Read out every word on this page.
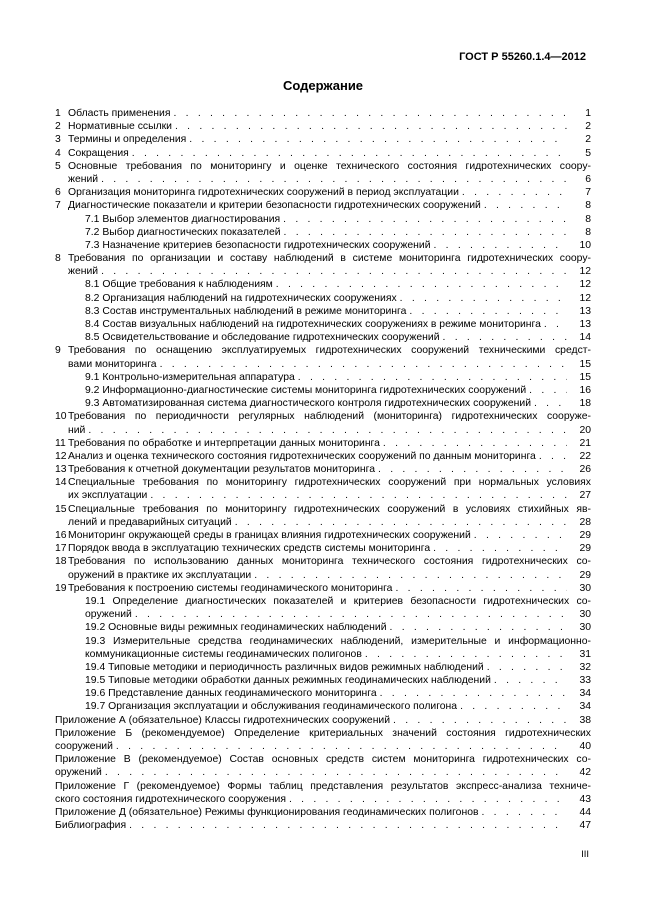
ГОСТ Р 55260.1.4—2012
Содержание
1 Область применения . . .	1
2 Нормативные ссылки . . .	2
3 Термины и определения . . .	2
4 Сокращения . . .	5
5 Основные требования по мониторингу и оценке технического состояния гидротехнических соору-
жений . . .	6
6 Организация мониторинга гидротехнических сооружений в период эксплуатации . . .	7
7 Диагностические показатели и критерии безопасности гидротехнических сооружений . . .	8
7.1 Выбор элементов диагностирования . . .	8
7.2 Выбор диагностических показателей . . .	8
7.3 Назначение критериев безопасности гидротехнических сооружений . . .	10
8 Требования по организации и составу наблюдений в системе мониторинга гидротехнических соору-
жений . . .	12
8.1 Общие требования к наблюдениям . . .	12
8.2 Организация наблюдений на гидротехнических сооружениях . . .	12
8.3 Состав инструментальных наблюдений в режиме мониторинга . . .	13
8.4 Состав визуальных наблюдений на гидротехнических сооружениях в режиме мониторинга . . .	13
8.5 Освидетельствование и обследование гидротехнических сооружений . . .	14
9 Требования по оснащению эксплуатируемых гидротехнических сооружений техническими средст-
вами мониторинга . . .	15
9.1 Контрольно-измерительная аппаратура . . .	15
9.2 Информационно-диагностические системы мониторинга гидротехнических сооружений . . .	16
9.3 Автоматизированная система диагностического контроля гидротехнических сооружений . . .	18
10 Требования по периодичности регулярных наблюдений (мониторинга) гидротехнических сооруже-
ний . . .	20
11 Требования по обработке и интерпретации данных мониторинга . . .	21
12 Анализ и оценка технического состояния гидротехнических сооружений по данным мониторинга . . .	22
13 Требования к отчетной документации результатов мониторинга . . .	26
14 Специальные требования по мониторингу гидротехнических сооружений при нормальных условиях
их эксплуатации . . .	27
15 Специальные требования по мониторингу гидротехнических сооружений в условиях стихийных яв-
лений и предаварийных ситуаций . . .	28
16 Мониторинг окружающей среды в границах влияния гидротехнических сооружений . . .	29
17 Порядок ввода в эксплуатацию технических средств системы мониторинга . . .	29
18 Требования по использованию данных мониторинга технического состояния гидротехнических со-
оружений в практике их эксплуатации . . .	29
19 Требования к построению системы геодинамического мониторинга . . .	30
19.1 Определение диагностических показателей и критериев безопасности гидротехнических со-
оружений . . .	30
19.2 Основные виды режимных геодинамических наблюдений . . .	30
19.3 Измерительные средства геодинамических наблюдений, измерительные и информационно-
коммуникационные системы геодинамических полигонов . . .	31
19.4 Типовые методики и периодичность различных видов режимных наблюдений . . .	32
19.5 Типовые методики обработки данных режимных геодинамических наблюдений . . .	33
19.6 Представление данных геодинамического мониторинга . . .	34
19.7 Организация эксплуатации и обслуживания геодинамического полигона . . .	34
Приложение А (обязательное) Классы гидротехнических сооружений . . .	38
Приложение Б (рекомендуемое) Определение критериальных значений состояния гидротехнических
сооружений . . .	40
Приложение В (рекомендуемое) Состав основных средств систем мониторинга гидротехнических со-
оружений . . .	42
Приложение Г (рекомендуемое) Формы таблиц представления результатов экспресс-анализа техниче-
ского состояния гидротехнического сооружения . . .	43
Приложение Д (обязательное) Режимы функционирования геодинамических полигонов . . .	44
Библиография . . .	47
III
